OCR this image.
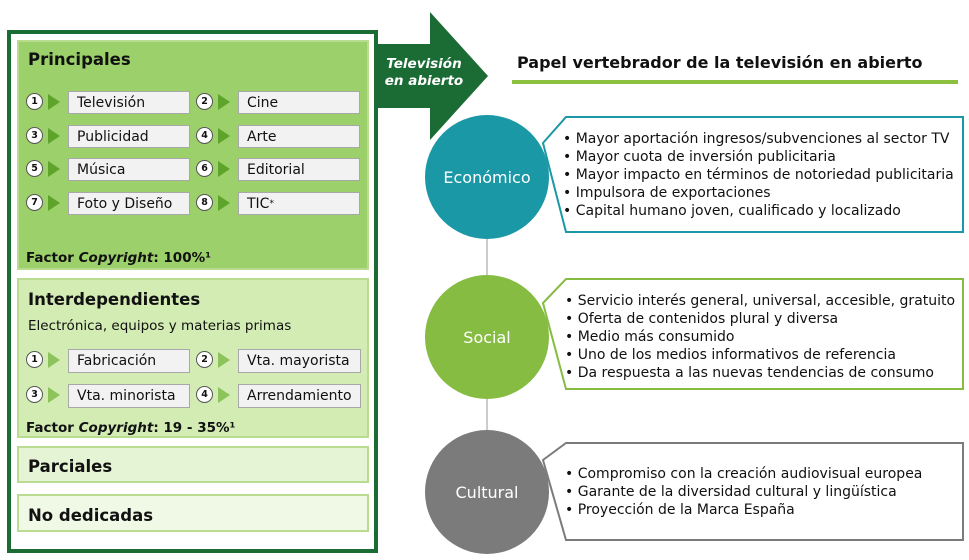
Principales
1	Televisión	2	Cine
3	Publicidad	4	Arte
5	Música	6	Editorial
7	Foto y Diseño	8	TIC *
Factor Copyright: 100%¹
Interdependientes
Electrónica, equipos y materias primas
1	Fabricación	2	Vta. mayorista
3	Vta. minorista	4	Arrendamiento
Factor Copyright: 19 - 35%¹
Parciales
No dedicadas
Televisión
en abierto
Papel vertebrador de la televisión en abierto
Económico
Social
Cultural
• Mayor aportación ingresos/subvenciones al sector TV
• Mayor cuota de inversión publicitaria
• Mayor impacto en términos de notoriedad publicitaria
• Impulsora de exportaciones
• Capital humano joven, cualificado y localizado
• Servicio interés general, universal, accesible, gratuito
• Oferta de contenidos plural y diversa
• Medio más consumido
• Uno de los medios informativos de referencia
• Da respuesta a las nuevas tendencias de consumo
• Compromiso con la creación audiovisual europea
• Garante de la diversidad cultural y lingüística
• Proyección de la Marca España
